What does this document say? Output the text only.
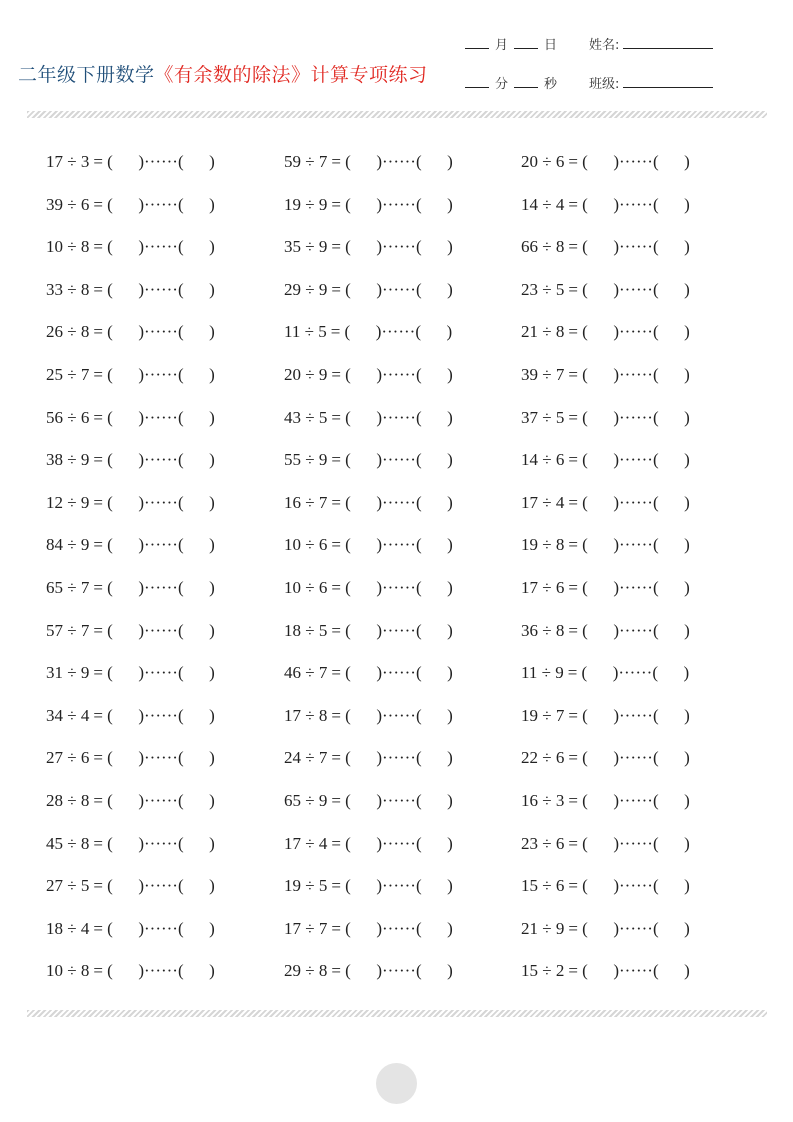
二年级下册数学《有余数的除法》计算专项练习
月	日
分	秒
姓名:
班级:
17 ÷ 3 = (      )······(      )	59 ÷ 7 = (      )······(      )	20 ÷ 6 = (      )······(      )
39 ÷ 6 = (      )······(      )	19 ÷ 9 = (      )······(      )	14 ÷ 4 = (      )······(      )
10 ÷ 8 = (      )······(      )	35 ÷ 9 = (      )······(      )	66 ÷ 8 = (      )······(      )
33 ÷ 8 = (      )······(      )	29 ÷ 9 = (      )······(      )	23 ÷ 5 = (      )······(      )
26 ÷ 8 = (      )······(      )	11 ÷ 5 = (      )······(      )	21 ÷ 8 = (      )······(      )
25 ÷ 7 = (      )······(      )	20 ÷ 9 = (      )······(      )	39 ÷ 7 = (      )······(      )
56 ÷ 6 = (      )······(      )	43 ÷ 5 = (      )······(      )	37 ÷ 5 = (      )······(      )
38 ÷ 9 = (      )······(      )	55 ÷ 9 = (      )······(      )	14 ÷ 6 = (      )······(      )
12 ÷ 9 = (      )······(      )	16 ÷ 7 = (      )······(      )	17 ÷ 4 = (      )······(      )
84 ÷ 9 = (      )······(      )	10 ÷ 6 = (      )······(      )	19 ÷ 8 = (      )······(      )
65 ÷ 7 = (      )······(      )	10 ÷ 6 = (      )······(      )	17 ÷ 6 = (      )······(      )
57 ÷ 7 = (      )······(      )	18 ÷ 5 = (      )······(      )	36 ÷ 8 = (      )······(      )
31 ÷ 9 = (      )······(      )	46 ÷ 7 = (      )······(      )	11 ÷ 9 = (      )······(      )
34 ÷ 4 = (      )······(      )	17 ÷ 8 = (      )······(      )	19 ÷ 7 = (      )······(      )
27 ÷ 6 = (      )······(      )	24 ÷ 7 = (      )······(      )	22 ÷ 6 = (      )······(      )
28 ÷ 8 = (      )······(      )	65 ÷ 9 = (      )······(      )	16 ÷ 3 = (      )······(      )
45 ÷ 8 = (      )······(      )	17 ÷ 4 = (      )······(      )	23 ÷ 6 = (      )······(      )
27 ÷ 5 = (      )······(      )	19 ÷ 5 = (      )······(      )	15 ÷ 6 = (      )······(      )
18 ÷ 4 = (      )······(      )	17 ÷ 7 = (      )······(      )	21 ÷ 9 = (      )······(      )
10 ÷ 8 = (      )······(      )	29 ÷ 8 = (      )······(      )	15 ÷ 2 = (      )······(      )
